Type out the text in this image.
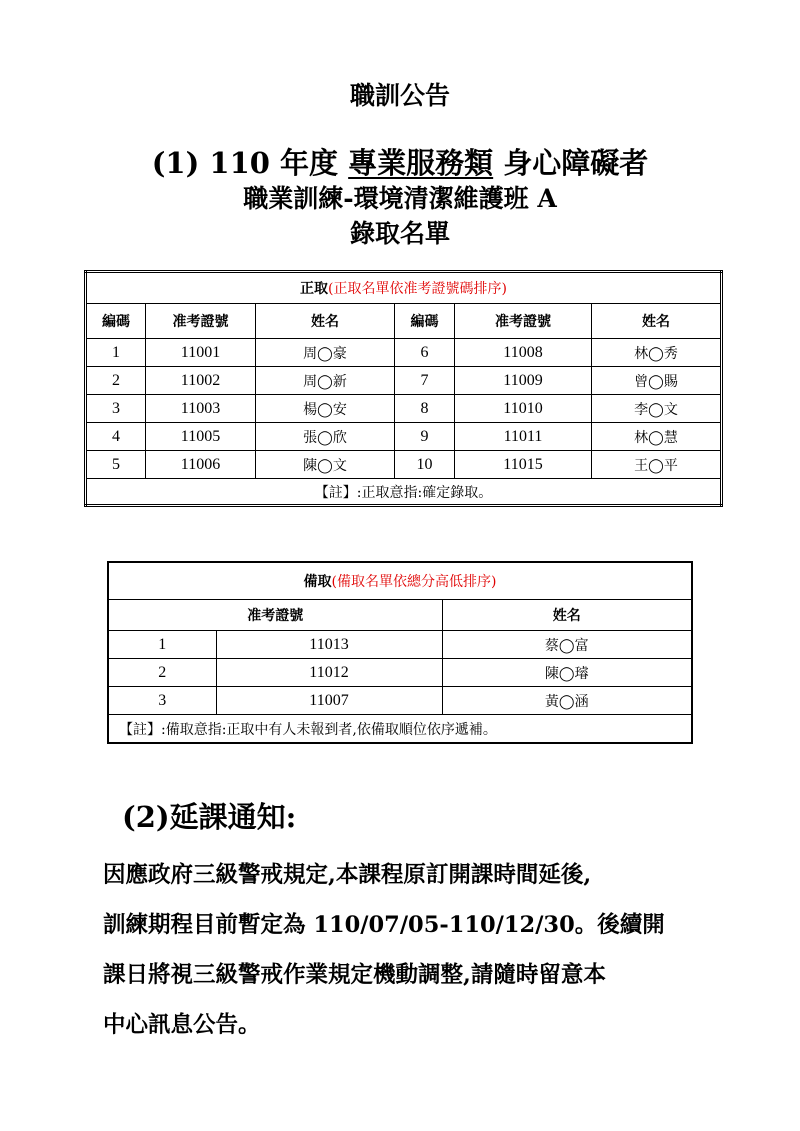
職訓公告
(1) 110 年度 專業服務類 身心障礙者
職業訓練-環境清潔維護班 A
錄取名單
正取(正取名單依准考證號碼排序)					
編碼	准考證號	姓名	編碼	准考證號	姓名
1	11001	周◯豪	6	11008	林◯秀
2	11002	周◯新	7	11009	曾◯賜
3	11003	楊◯安	8	11010	李◯文
4	11005	張◯欣	9	11011	林◯慧
5	11006	陳◯文	10	11015	王◯平
【註】:正取意指:確定錄取。					
備取(備取名單依總分高低排序)		
准考證號		姓名
1	11013	蔡◯富
2	11012	陳◯璿
3	11007	黃◯涵
【註】:備取意指:正取中有人未報到者,依備取順位依序遞補。		
(2)延課通知:
因應政府三級警戒規定,本課程原訂開課時間延後,
訓練期程目前暫定為 110/07/05-110/12/30。後續開
課日將視三級警戒作業規定機動調整,請隨時留意本
中心訊息公告。
